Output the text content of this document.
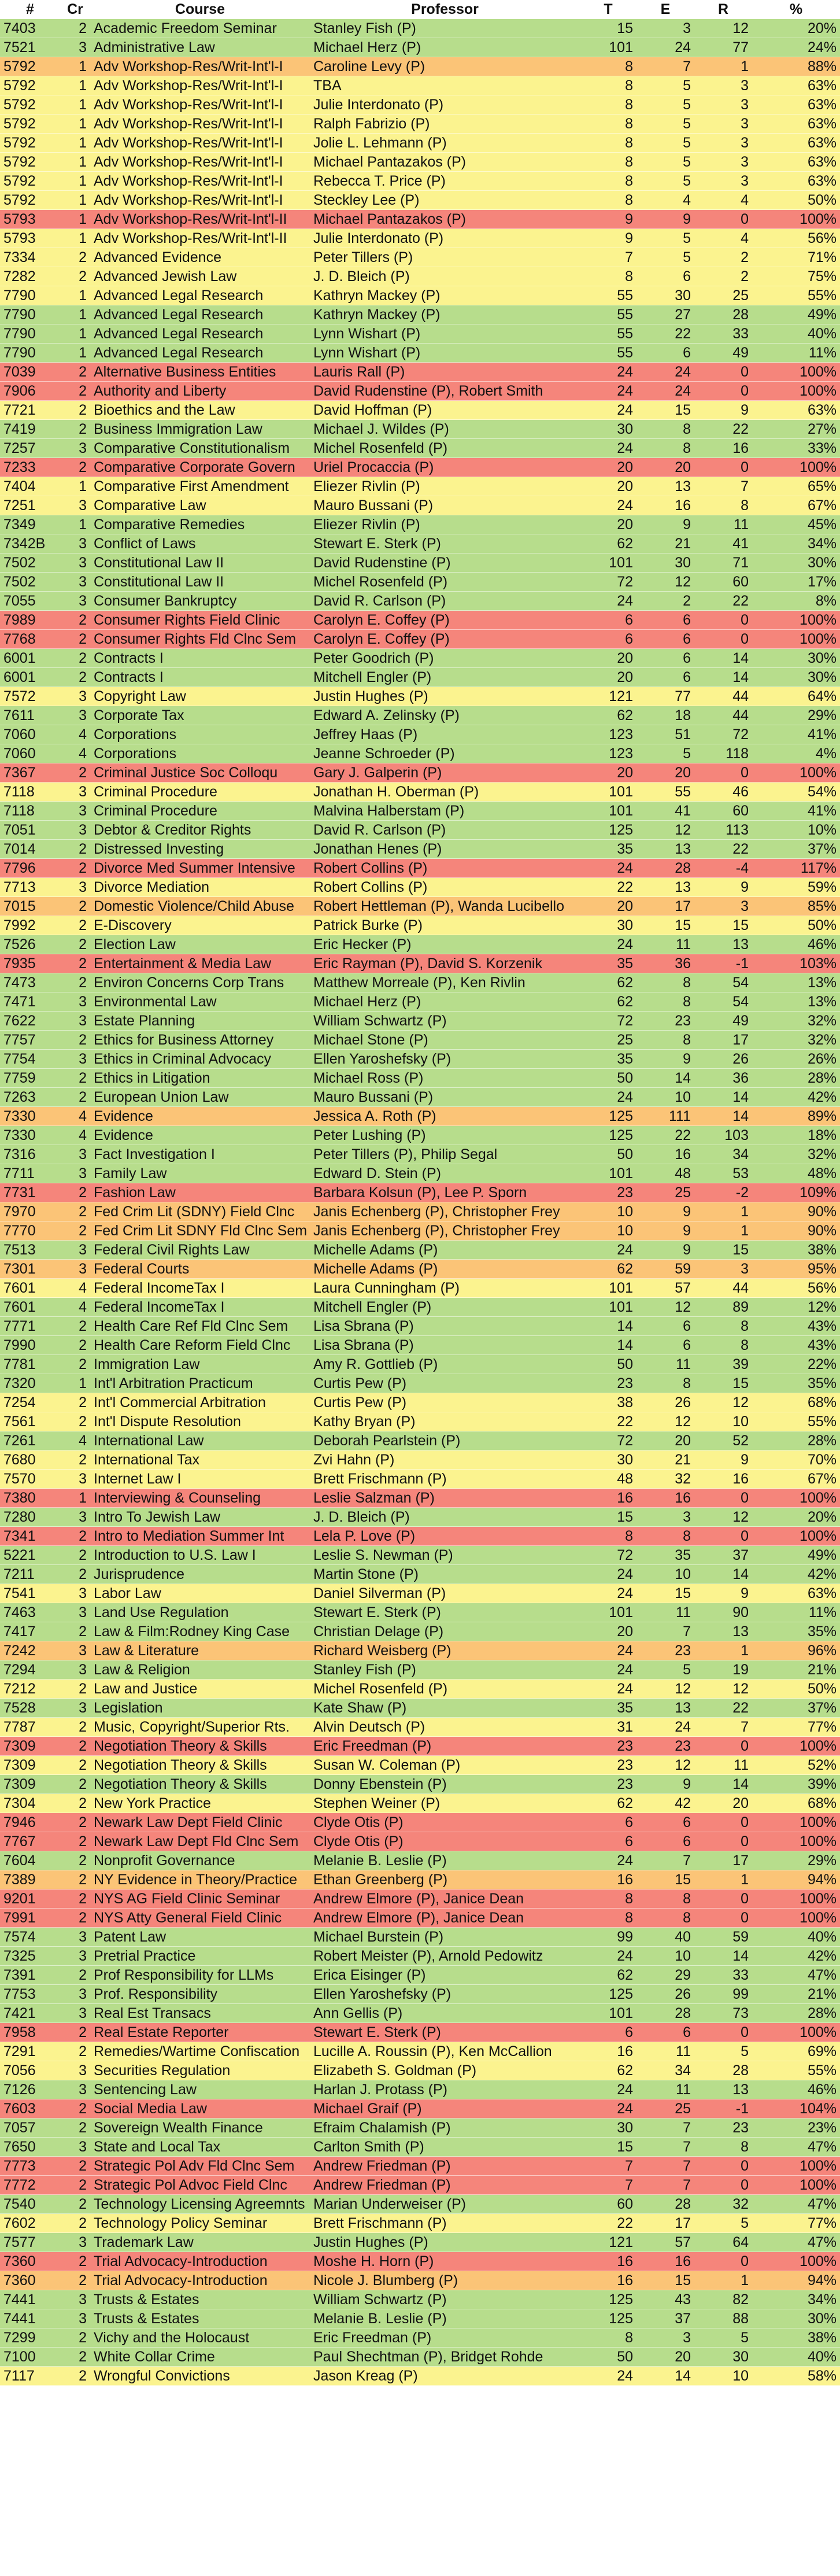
#	Cr	Course	Professor	T	E	R	%
7403	2	Academic Freedom Seminar	Stanley Fish (P)	15	3	12	20%
7521	3	Administrative Law	Michael Herz (P)	101	24	77	24%
5792	1	Adv Workshop-Res/Writ-Int'l-I	Caroline Levy (P)	8	7	1	88%
5792	1	Adv Workshop-Res/Writ-Int'l-I	TBA	8	5	3	63%
5792	1	Adv Workshop-Res/Writ-Int'l-I	Julie Interdonato (P)	8	5	3	63%
5792	1	Adv Workshop-Res/Writ-Int'l-I	Ralph Fabrizio (P)	8	5	3	63%
5792	1	Adv Workshop-Res/Writ-Int'l-I	Jolie L. Lehmann (P)	8	5	3	63%
5792	1	Adv Workshop-Res/Writ-Int'l-I	Michael Pantazakos (P)	8	5	3	63%
5792	1	Adv Workshop-Res/Writ-Int'l-I	Rebecca T. Price (P)	8	5	3	63%
5792	1	Adv Workshop-Res/Writ-Int'l-I	Steckley Lee (P)	8	4	4	50%
5793	1	Adv Workshop-Res/Writ-Int'l-II	Michael Pantazakos (P)	9	9	0	100%
5793	1	Adv Workshop-Res/Writ-Int'l-II	Julie Interdonato (P)	9	5	4	56%
7334	2	Advanced Evidence	Peter Tillers (P)	7	5	2	71%
7282	2	Advanced Jewish Law	J. D. Bleich (P)	8	6	2	75%
7790	1	Advanced Legal Research	Kathryn Mackey (P)	55	30	25	55%
7790	1	Advanced Legal Research	Kathryn Mackey (P)	55	27	28	49%
7790	1	Advanced Legal Research	Lynn Wishart (P)	55	22	33	40%
7790	1	Advanced Legal Research	Lynn Wishart (P)	55	6	49	11%
7039	2	Alternative Business Entities	Lauris Rall (P)	24	24	0	100%
7906	2	Authority and Liberty	David Rudenstine (P), Robert Smith	24	24	0	100%
7721	2	Bioethics and the Law	David Hoffman (P)	24	15	9	63%
7419	2	Business Immigration Law	Michael J. Wildes (P)	30	8	22	27%
7257	3	Comparative Constitutionalism	Michel Rosenfeld (P)	24	8	16	33%
7233	2	Comparative Corporate Govern	Uriel Procaccia (P)	20	20	0	100%
7404	1	Comparative First Amendment	Eliezer Rivlin (P)	20	13	7	65%
7251	3	Comparative Law	Mauro Bussani (P)	24	16	8	67%
7349	1	Comparative Remedies	Eliezer Rivlin (P)	20	9	11	45%
7342B	3	Conflict of Laws	Stewart E. Sterk (P)	62	21	41	34%
7502	3	Constitutional Law II	David Rudenstine (P)	101	30	71	30%
7502	3	Constitutional Law II	Michel Rosenfeld (P)	72	12	60	17%
7055	3	Consumer Bankruptcy	David R. Carlson (P)	24	2	22	8%
7989	2	Consumer Rights Field Clinic	Carolyn E. Coffey (P)	6	6	0	100%
7768	2	Consumer Rights Fld Clnc Sem	Carolyn E. Coffey (P)	6	6	0	100%
6001	2	Contracts I	Peter Goodrich (P)	20	6	14	30%
6001	2	Contracts I	Mitchell Engler (P)	20	6	14	30%
7572	3	Copyright Law	Justin Hughes (P)	121	77	44	64%
7611	3	Corporate Tax	Edward A. Zelinsky (P)	62	18	44	29%
7060	4	Corporations	Jeffrey Haas (P)	123	51	72	41%
7060	4	Corporations	Jeanne Schroeder (P)	123	5	118	4%
7367	2	Criminal Justice Soc Colloqu	Gary J. Galperin (P)	20	20	0	100%
7118	3	Criminal Procedure	Jonathan H. Oberman (P)	101	55	46	54%
7118	3	Criminal Procedure	Malvina Halberstam (P)	101	41	60	41%
7051	3	Debtor & Creditor Rights	David R. Carlson (P)	125	12	113	10%
7014	2	Distressed Investing	Jonathan Henes (P)	35	13	22	37%
7796	2	Divorce Med Summer Intensive	Robert Collins (P)	24	28	-4	117%
7713	3	Divorce Mediation	Robert Collins (P)	22	13	9	59%
7015	2	Domestic Violence/Child Abuse	Robert Hettleman (P), Wanda Lucibello	20	17	3	85%
7992	2	E-Discovery	Patrick Burke (P)	30	15	15	50%
7526	2	Election Law	Eric Hecker (P)	24	11	13	46%
7935	2	Entertainment & Media Law	Eric Rayman (P), David S. Korzenik	35	36	-1	103%
7473	2	Environ Concerns Corp Trans	Matthew Morreale (P), Ken Rivlin	62	8	54	13%
7471	3	Environmental Law	Michael Herz (P)	62	8	54	13%
7622	3	Estate Planning	William Schwartz (P)	72	23	49	32%
7757	2	Ethics for Business Attorney	Michael Stone (P)	25	8	17	32%
7754	3	Ethics in Criminal Advocacy	Ellen Yaroshefsky (P)	35	9	26	26%
7759	2	Ethics in Litigation	Michael Ross (P)	50	14	36	28%
7263	2	European Union Law	Mauro Bussani (P)	24	10	14	42%
7330	4	Evidence	Jessica A. Roth (P)	125	111	14	89%
7330	4	Evidence	Peter Lushing (P)	125	22	103	18%
7316	3	Fact Investigation I	Peter Tillers (P), Philip Segal	50	16	34	32%
7711	3	Family Law	Edward D. Stein (P)	101	48	53	48%
7731	2	Fashion Law	Barbara Kolsun (P), Lee P. Sporn	23	25	-2	109%
7970	2	Fed Crim Lit (SDNY) Field Clnc	Janis Echenberg (P), Christopher Frey	10	9	1	90%
7770	2	Fed Crim Lit SDNY Fld Clnc Sem	Janis Echenberg (P), Christopher Frey	10	9	1	90%
7513	3	Federal Civil Rights Law	Michelle Adams (P)	24	9	15	38%
7301	3	Federal Courts	Michelle Adams (P)	62	59	3	95%
7601	4	Federal IncomeTax I	Laura Cunningham (P)	101	57	44	56%
7601	4	Federal IncomeTax I	Mitchell Engler (P)	101	12	89	12%
7771	2	Health Care Ref Fld Clnc Sem	Lisa Sbrana (P)	14	6	8	43%
7990	2	Health Care Reform Field Clnc	Lisa Sbrana (P)	14	6	8	43%
7781	2	Immigration Law	Amy R. Gottlieb (P)	50	11	39	22%
7320	1	Int'l Arbitration Practicum	Curtis Pew (P)	23	8	15	35%
7254	2	Int'l Commercial Arbitration	Curtis Pew (P)	38	26	12	68%
7561	2	Int'l Dispute Resolution	Kathy Bryan (P)	22	12	10	55%
7261	4	International Law	Deborah Pearlstein (P)	72	20	52	28%
7680	2	International Tax	Zvi Hahn (P)	30	21	9	70%
7570	3	Internet Law I	Brett Frischmann (P)	48	32	16	67%
7380	1	Interviewing & Counseling	Leslie Salzman (P)	16	16	0	100%
7280	3	Intro To Jewish Law	J. D. Bleich (P)	15	3	12	20%
7341	2	Intro to Mediation Summer Int	Lela P. Love (P)	8	8	0	100%
5221	2	Introduction to U.S. Law I	Leslie S. Newman (P)	72	35	37	49%
7211	2	Jurisprudence	Martin Stone (P)	24	10	14	42%
7541	3	Labor Law	Daniel Silverman (P)	24	15	9	63%
7463	3	Land Use Regulation	Stewart E. Sterk (P)	101	11	90	11%
7417	2	Law & Film:Rodney King Case	Christian Delage (P)	20	7	13	35%
7242	3	Law & Literature	Richard Weisberg (P)	24	23	1	96%
7294	3	Law & Religion	Stanley Fish (P)	24	5	19	21%
7212	2	Law and Justice	Michel Rosenfeld (P)	24	12	12	50%
7528	3	Legislation	Kate Shaw (P)	35	13	22	37%
7787	2	Music, Copyright/Superior Rts.	Alvin Deutsch (P)	31	24	7	77%
7309	2	Negotiation Theory & Skills	Eric Freedman (P)	23	23	0	100%
7309	2	Negotiation Theory & Skills	Susan W. Coleman (P)	23	12	11	52%
7309	2	Negotiation Theory & Skills	Donny Ebenstein (P)	23	9	14	39%
7304	2	New York Practice	Stephen Weiner (P)	62	42	20	68%
7946	2	Newark Law Dept Field Clinic	Clyde Otis (P)	6	6	0	100%
7767	2	Newark Law Dept Fld Clnc Sem	Clyde Otis (P)	6	6	0	100%
7604	2	Nonprofit Governance	Melanie B. Leslie (P)	24	7	17	29%
7389	2	NY Evidence in Theory/Practice	Ethan Greenberg (P)	16	15	1	94%
9201	2	NYS AG Field Clinic Seminar	Andrew Elmore (P), Janice Dean	8	8	0	100%
7991	2	NYS Atty General Field Clinic	Andrew Elmore (P), Janice Dean	8	8	0	100%
7574	3	Patent Law	Michael Burstein (P)	99	40	59	40%
7325	3	Pretrial Practice	Robert Meister (P), Arnold Pedowitz	24	10	14	42%
7391	2	Prof Responsibility for LLMs	Erica Eisinger (P)	62	29	33	47%
7753	3	Prof. Responsibility	Ellen Yaroshefsky (P)	125	26	99	21%
7421	3	Real Est Transacs	Ann Gellis (P)	101	28	73	28%
7958	2	Real Estate Reporter	Stewart E. Sterk (P)	6	6	0	100%
7291	2	Remedies/Wartime Confiscation	Lucille A. Roussin (P), Ken McCallion	16	11	5	69%
7056	3	Securities Regulation	Elizabeth S. Goldman (P)	62	34	28	55%
7126	3	Sentencing Law	Harlan J. Protass (P)	24	11	13	46%
7603	2	Social Media Law	Michael Graif (P)	24	25	-1	104%
7057	2	Sovereign Wealth Finance	Efraim Chalamish (P)	30	7	23	23%
7650	3	State and Local Tax	Carlton Smith (P)	15	7	8	47%
7773	2	Strategic Pol Adv Fld Clnc Sem	Andrew Friedman (P)	7	7	0	100%
7772	2	Strategic Pol Advoc Field Clnc	Andrew Friedman (P)	7	7	0	100%
7540	2	Technology Licensing Agreemnts	Marian Underweiser (P)	60	28	32	47%
7602	2	Technology Policy Seminar	Brett Frischmann (P)	22	17	5	77%
7577	3	Trademark Law	Justin Hughes (P)	121	57	64	47%
7360	2	Trial Advocacy-Introduction	Moshe H. Horn (P)	16	16	0	100%
7360	2	Trial Advocacy-Introduction	Nicole J. Blumberg (P)	16	15	1	94%
7441	3	Trusts & Estates	William Schwartz (P)	125	43	82	34%
7441	3	Trusts & Estates	Melanie B. Leslie (P)	125	37	88	30%
7299	2	Vichy and the Holocaust	Eric Freedman (P)	8	3	5	38%
7100	2	White Collar Crime	Paul Shechtman (P), Bridget Rohde	50	20	30	40%
7117	2	Wrongful Convictions	Jason Kreag (P)	24	14	10	58%
